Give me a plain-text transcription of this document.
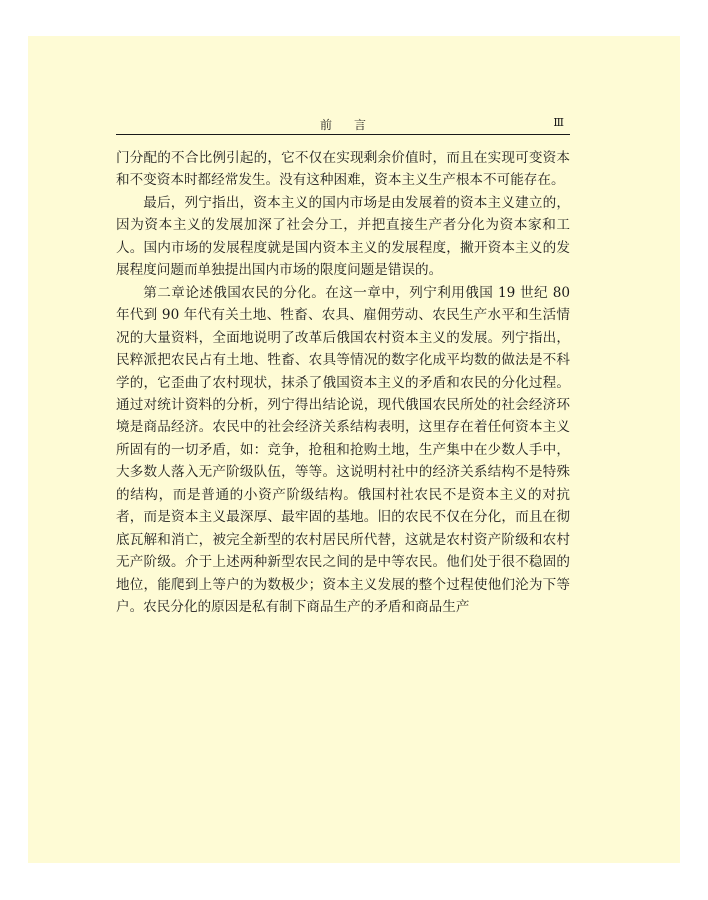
前言	Ⅲ

门分配的不合比例引起的，它不仅在实现剩余价值时，而且在实现可变资本和不变资本时都经常发生。没有这种困难，资本主义生产根本不可能存在。

最后，列宁指出，资本主义的国内市场是由发展着的资本主义建立的，因为资本主义的发展加深了社会分工，并把直接生产者分化为资本家和工人。国内市场的发展程度就是国内资本主义的发展程度，撇开资本主义的发展程度问题而单独提出国内市场的限度问题是错误的。

第二章论述俄国农民的分化。在这一章中，列宁利用俄国 19 世纪 80 年代到 90 年代有关土地、牲畜、农具、雇佣劳动、农民生产水平和生活情况的大量资料，全面地说明了改革后俄国农村资本主义的发展。列宁指出，民粹派把农民占有土地、牲畜、农具等情况的数字化成平均数的做法是不科学的，它歪曲了农村现状，抹杀了俄国资本主义的矛盾和农民的分化过程。通过对统计资料的分析，列宁得出结论说，现代俄国农民所处的社会经济环境是商品经济。农民中的社会经济关系结构表明，这里存在着任何资本主义所固有的一切矛盾，如：竞争，抢租和抢购土地，生产集中在少数人手中，大多数人落入无产阶级队伍，等等。这说明村社中的经济关系结构不是特殊的结构，而是普通的小资产阶级结构。俄国村社农民不是资本主义的对抗者，而是资本主义最深厚、最牢固的基地。旧的农民不仅在分化，而且在彻底瓦解和消亡，被完全新型的农村居民所代替，这就是农村资产阶级和农村无产阶级。介于上述两种新型农民之间的是中等农民。他们处于很不稳固的地位，能爬到上等户的为数极少；资本主义发展的整个过程使他们沦为下等户。农民分化的原因是私有制下商品生产的矛盾和商品生产
